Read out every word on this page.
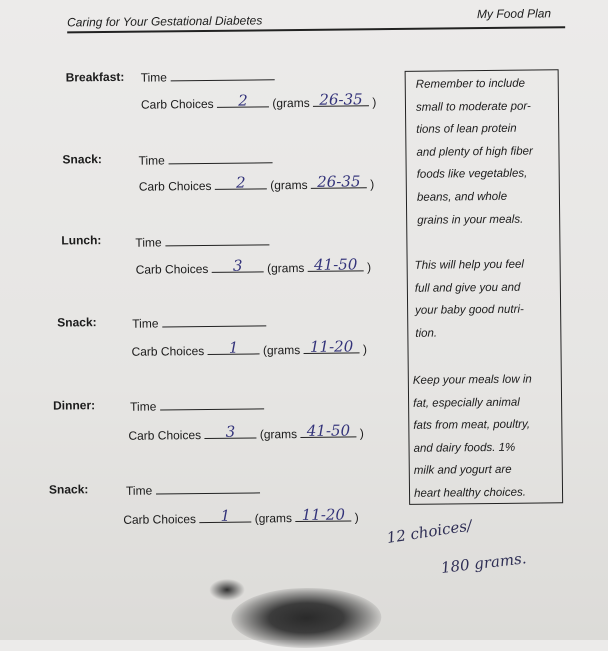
Caring for Your Gestational Diabetes	My Food Plan
Breakfast: Time
Carb Choices	2	(grams 26-35 )
Snack:	Time
Carb Choices	2	(grams 26-35 )
Lunch:	Time
Carb Choices	3	(grams 41-50 )
Snack:	Time
Carb Choices	1	(grams 11-20 )
Dinner:	Time
Carb Choices	3	(grams 41-50 )
Snack:	Time
Carb Choices	1	(grams 11-20 )
Remember to include
small to moderate por-
tions of lean protein
and plenty of high fiber
foods like vegetables,
beans, and whole
grains in your meals.
This will help you feel
full and give you and
your baby good nutri-
tion.
Keep your meals low in
fat, especially animal
fats from meat, poultry,
and dairy foods. 1%
milk and yogurt are
heart healthy choices.
12 choices/
180 grams.
